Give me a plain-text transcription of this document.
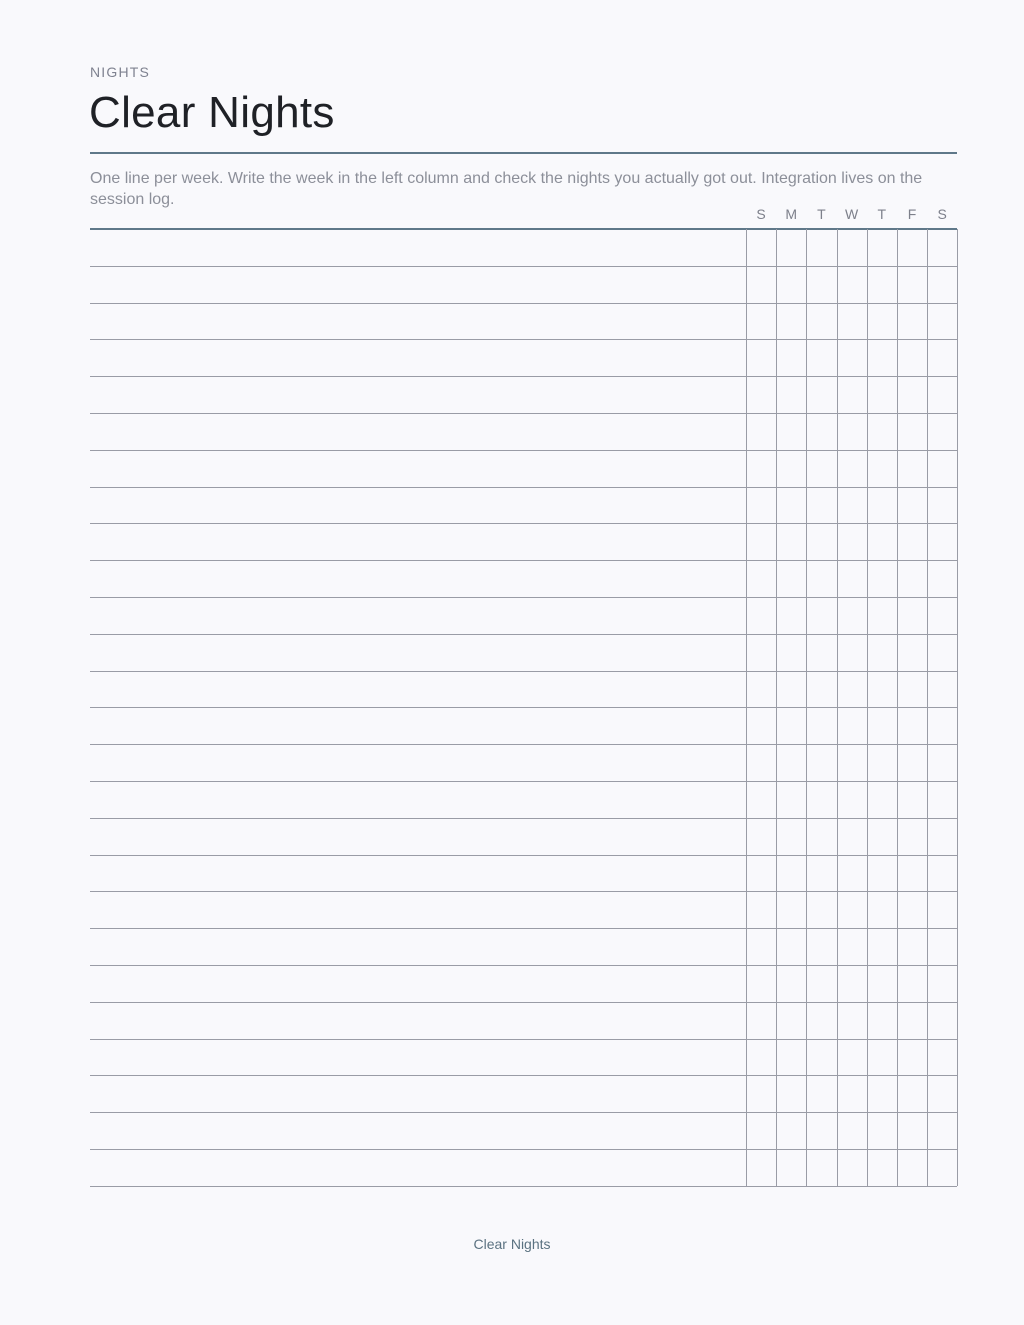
NIGHTS
Clear Nights
One line per week. Write the week in the left column and check the nights you actually got out. Integration lives on the session log.
S	M	T	W	T	F	S
Clear Nights
